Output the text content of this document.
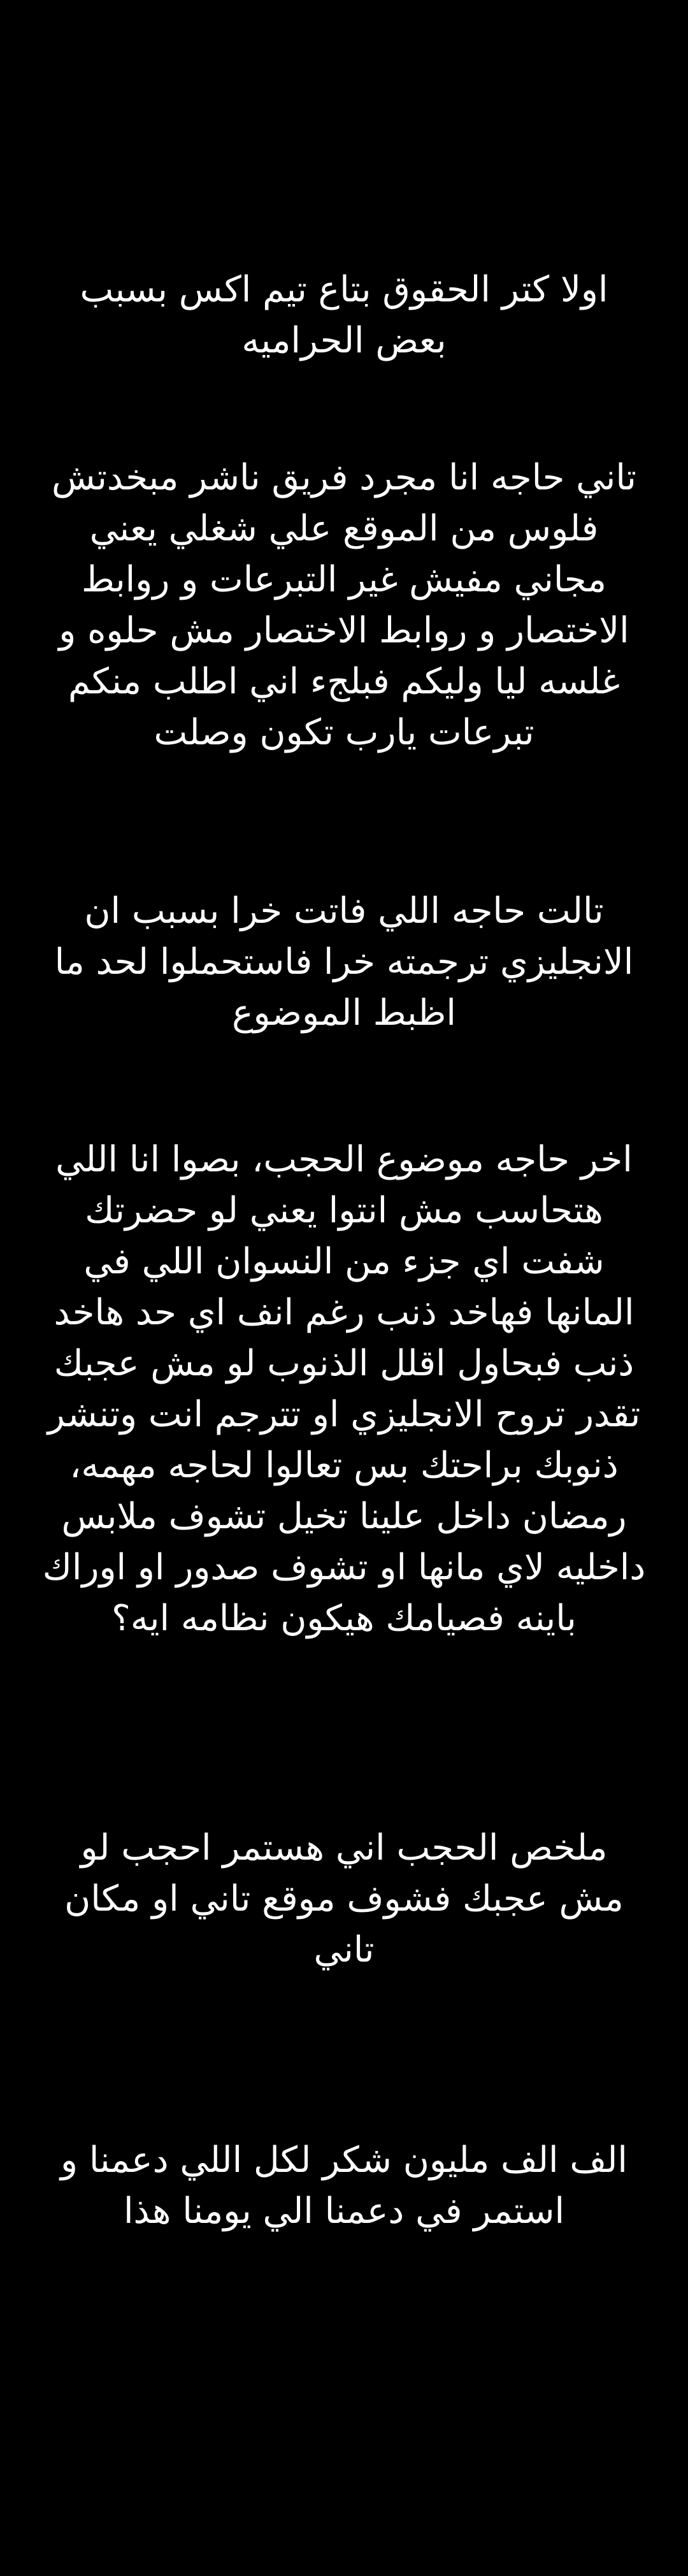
اولا كتر الحقوق بتاع تيم اكس بسبب
بعض الحراميه

تاني حاجه انا مجرد فريق ناشر مبخدتش
فلوس من الموقع علي شغلي يعني
مجاني مفيش غير التبرعات و روابط
الاختصار و روابط الاختصار مش حلوه و
غلسه ليا وليكم فبلجء اني اطلب منكم
تبرعات يارب تكون وصلت

تالت حاجه اللي فاتت خرا بسبب ان
الانجليزي ترجمته خرا فاستحملوا لحد ما
اظبط الموضوع

اخر حاجه موضوع الحجب، بصوا انا اللي
هتحاسب مش انتوا يعني لو حضرتك
شفت اي جزء من النسوان اللي في
المانها فهاخد ذنب رغم انف اي حد هاخد
ذنب فبحاول اقلل الذنوب لو مش عجبك
تقدر تروح الانجليزي او تترجم انت وتنشر
ذنوبك براحتك بس تعالوا لحاجه مهمه،
رمضان داخل علينا تخيل تشوف ملابس
داخليه لاي مانها او تشوف صدور او اوراك
باينه فصيامك هيكون نظامه ايه؟

ملخص الحجب اني هستمر احجب لو
مش عجبك فشوف موقع تاني او مكان
تاني

الف الف مليون شكر لكل اللي دعمنا و
استمر في دعمنا الي يومنا هذا
